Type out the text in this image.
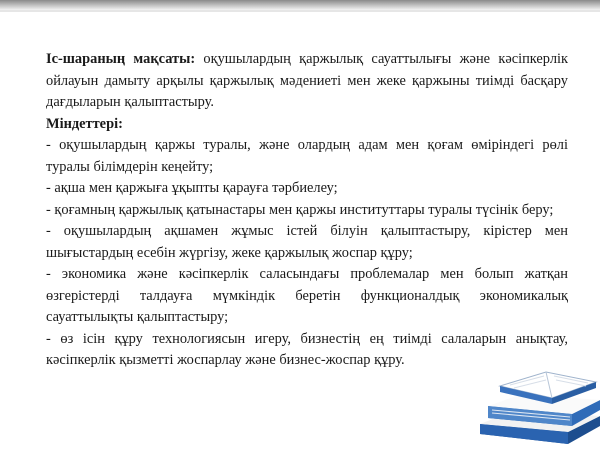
Іс-шараның мақсаты: оқушылардың қаржылық сауаттылығы және кәсіпкерлік ойлауын дамыту арқылы қаржылық мәдениеті мен жеке қаржыны тиімді басқару дағдыларын қалыптастыру.

Міндеттері:

- оқушылардың қаржы туралы, және олардың адам мен қоғам өміріндегі рөлі туралы білімдерін кеңейту;

- ақша мен қаржыға ұқыпты қарауға тәрбиелеу;

- қоғамның қаржылық қатынастары мен қаржы институттары туралы түсінік беру;

- оқушылардың ақшамен жұмыс істей білуін қалыптастыру, кірістер мен шығыстардың есебін жүргізу, жеке қаржылық жоспар құру;

- экономика және кәсіпкерлік саласындағы проблемалар мен болып жатқан өзгерістерді талдауға мүмкіндік беретін функционалдық экономикалық сауаттылықты қалыптастыру;

- өз ісін құру технологиясын игеру, бизнестің ең тиімді салаларын анықтау, кәсіпкерлік қызметті жоспарлау және бизнес-жоспар құру.
